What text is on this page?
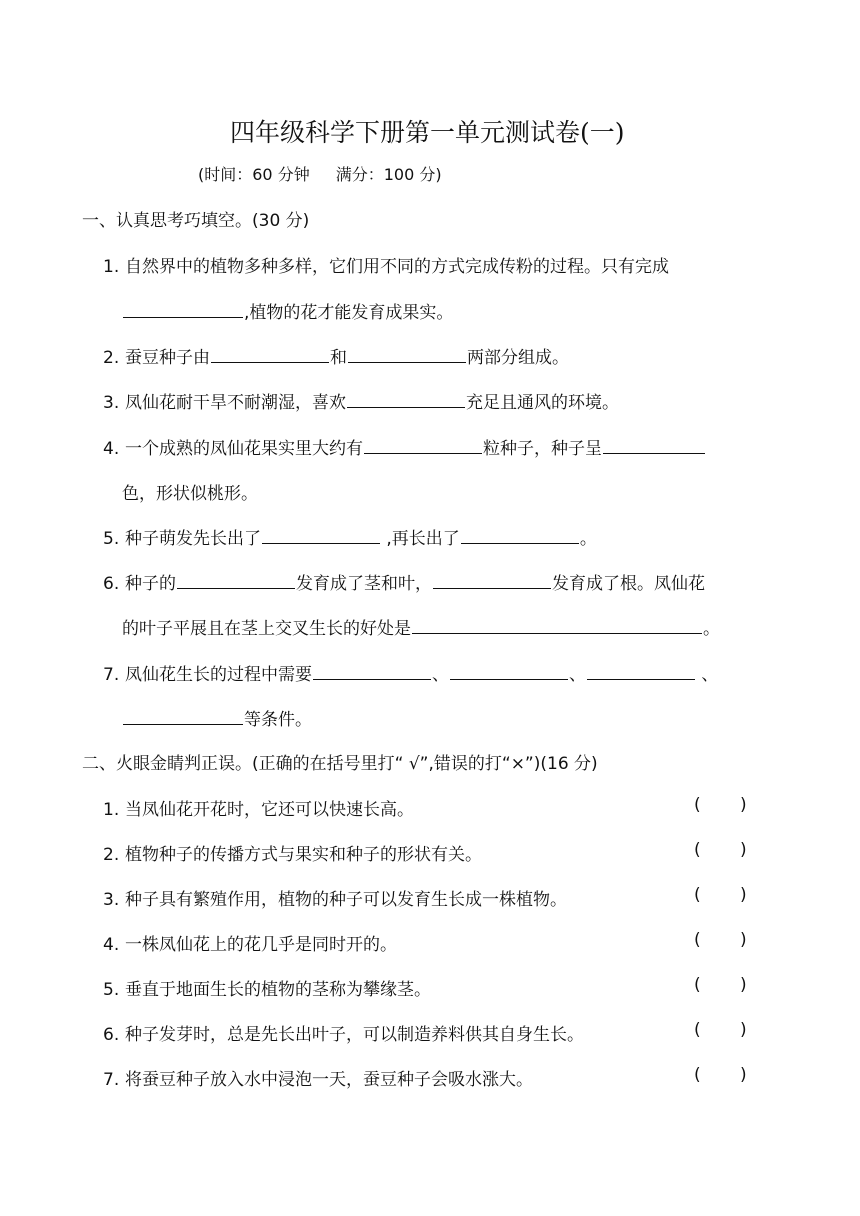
四年级科学下册第一单元测试卷(一)
(时间：60 分钟 满分：100 分)
一、认真思考巧填空。(30 分)
1. 自然界中的植物多种多样，它们用不同的方式完成传粉的过程。只有完成
,植物的花才能发育成果实。
2. 蚕豆种子由	和	两部分组成。
3. 凤仙花耐干旱不耐潮湿，喜欢	充足且通风的环境。
4. 一个成熟的凤仙花果实里大约有	粒种子，种子呈
色，形状似桃形。
5. 种子萌发先长出了	,再长出了	。
6. 种子的	发育成了茎和叶，	发育成了根。凤仙花
的叶子平展且在茎上交叉生长的好处是	。
7. 凤仙花生长的过程中需要	、	、	、
等条件。
二、火眼金睛判正误。(正确的在括号里打“ √”,错误的打“×”)(16 分)
1. 当凤仙花开花时，它还可以快速长高。	( )
2. 植物种子的传播方式与果实和种子的形状有关。	( )
3. 种子具有繁殖作用，植物的种子可以发育生长成一株植物。	( )
4. 一株凤仙花上的花几乎是同时开的。	( )
5. 垂直于地面生长的植物的茎称为攀缘茎。	( )
6. 种子发芽时，总是先长出叶子，可以制造养料供其自身生长。	( )
7. 将蚕豆种子放入水中浸泡一天，蚕豆种子会吸水涨大。	( )
